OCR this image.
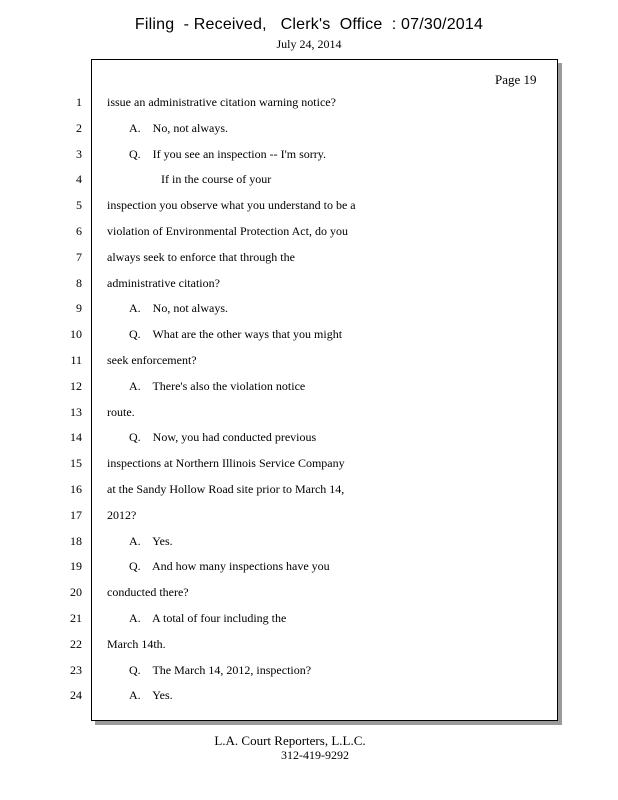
Filing  - Received,   Clerk's  Office  : 07/30/2014
July 24, 2014
Page 19
1 issue an administrative citation warning notice?
2	A.    No, not always.
3	Q.    If you see an inspection -- I'm sorry.
4	If in the course of your
5 inspection you observe what you understand to be a
6 violation of Environmental Protection Act, do you
7 always seek to enforce that through the
8 administrative citation?
9	A.    No, not always.
10	Q.    What are the other ways that you might
11 seek enforcement?
12	A.    There's also the violation notice
13 route.
14	Q.    Now, you had conducted previous
15 inspections at Northern Illinois Service Company
16 at the Sandy Hollow Road site prior to March 14,
17 2012?
18	A.    Yes.
19	Q.    And how many inspections have you
20 conducted there?
21	A.    A total of four including the
22 March 14th.
23	Q.    The March 14, 2012, inspection?
24	A.    Yes.
L.A. Court Reporters, L.L.C.
312-419-9292
